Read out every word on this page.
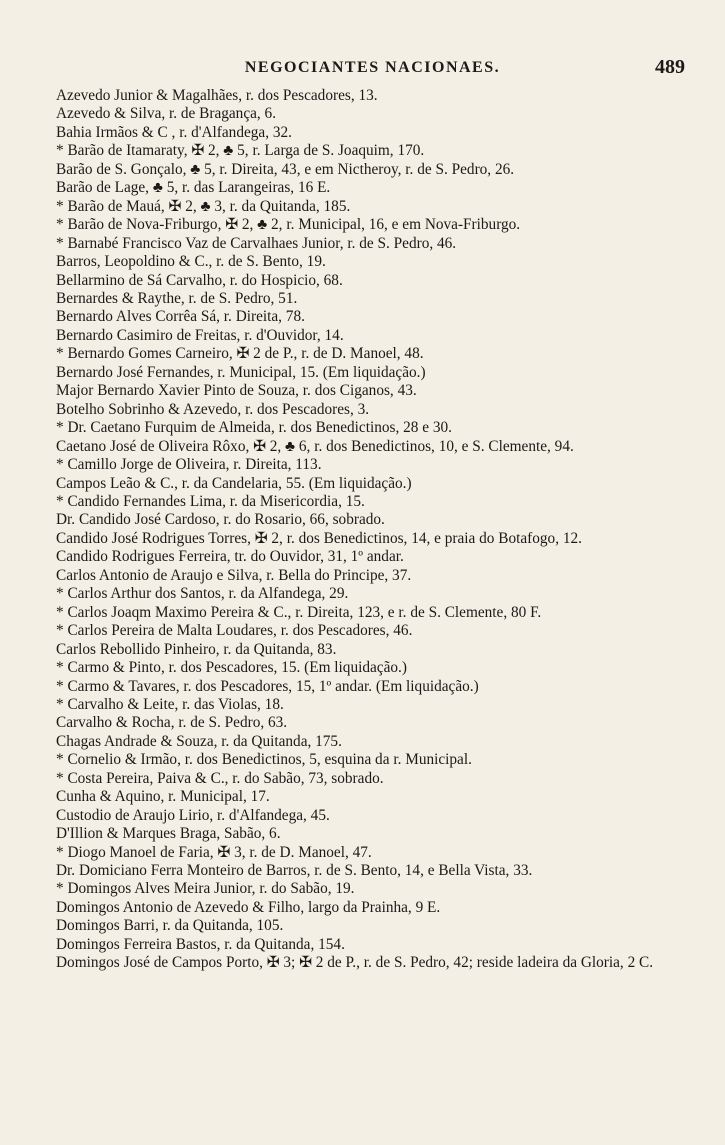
NEGOCIANTES NACIONAES.	489
Azevedo Junior & Magalhães, r. dos Pescadores, 13.
Azevedo & Silva, r. de Bragança, 6.
Bahia Irmãos & C , r. d'Alfandega, 32.
* Barão de Itamaraty, ✠ 2, ♣ 5, r. Larga de S. Joaquim, 170.
Barão de S. Gonçalo, ♣ 5, r. Direita, 43, e em Nictheroy, r. de S. Pedro, 26.
Barão de Lage, ♣ 5, r. das Larangeiras, 16 E.
* Barão de Mauá, ✠ 2, ♣ 3, r. da Quitanda, 185.
* Barão de Nova-Friburgo, ✠ 2, ♣ 2, r. Municipal, 16, e em Nova-Friburgo.
* Barnabé Francisco Vaz de Carvalhaes Junior, r. de S. Pedro, 46.
Barros, Leopoldino & C., r. de S. Bento, 19.
Bellarmino de Sá Carvalho, r. do Hospicio, 68.
Bernardes & Raythe, r. de S. Pedro, 51.
Bernardo Alves Corrêa Sá, r. Direita, 78.
Bernardo Casimiro de Freitas, r. d'Ouvidor, 14.
* Bernardo Gomes Carneiro, ✠ 2 de P., r. de D. Manoel, 48.
Bernardo José Fernandes, r. Municipal, 15. (Em liquidação.)
Major Bernardo Xavier Pinto de Souza, r. dos Ciganos, 43.
Botelho Sobrinho & Azevedo, r. dos Pescadores, 3.
* Dr. Caetano Furquim de Almeida, r. dos Benedictinos, 28 e 30.
Caetano José de Oliveira Rôxo, ✠ 2, ♣ 6, r. dos Benedictinos, 10, e S. Clemente, 94.
* Camillo Jorge de Oliveira, r. Direita, 113.
Campos Leão & C., r. da Candelaria, 55. (Em liquidação.)
* Candido Fernandes Lima, r. da Misericordia, 15.
Dr. Candido José Cardoso, r. do Rosario, 66, sobrado.
Candido José Rodrigues Torres, ✠ 2, r. dos Benedictinos, 14, e praia do Botafogo, 12.
Candido Rodrigues Ferreira, tr. do Ouvidor, 31, 1º andar.
Carlos Antonio de Araujo e Silva, r. Bella do Principe, 37.
* Carlos Arthur dos Santos, r. da Alfandega, 29.
* Carlos Joaqm Maximo Pereira & C., r. Direita, 123, e r. de S. Clemente, 80 F.
* Carlos Pereira de Malta Loudares, r. dos Pescadores, 46.
Carlos Rebollido Pinheiro, r. da Quitanda, 83.
* Carmo & Pinto, r. dos Pescadores, 15. (Em liquidação.)
* Carmo & Tavares, r. dos Pescadores, 15, 1º andar. (Em liquidação.)
* Carvalho & Leite, r. das Violas, 18.
Carvalho & Rocha, r. de S. Pedro, 63.
Chagas Andrade & Souza, r. da Quitanda, 175.
* Cornelio & Irmão, r. dos Benedictinos, 5, esquina da r. Municipal.
* Costa Pereira, Paiva & C., r. do Sabão, 73, sobrado.
Cunha & Aquino, r. Municipal, 17.
Custodio de Araujo Lirio, r. d'Alfandega, 45.
D'Illion & Marques Braga, Sabão, 6.
* Diogo Manoel de Faria, ✠ 3, r. de D. Manoel, 47.
Dr. Domiciano Ferra Monteiro de Barros, r. de S. Bento, 14, e Bella Vista, 33.
* Domingos Alves Meira Junior, r. do Sabão, 19.
Domingos Antonio de Azevedo & Filho, largo da Prainha, 9 E.
Domingos Barri, r. da Quitanda, 105.
Domingos Ferreira Bastos, r. da Quitanda, 154.
Domingos José de Campos Porto, ✠ 3; ✠ 2 de P., r. de S. Pedro, 42; reside ladeira da Gloria, 2 C.
